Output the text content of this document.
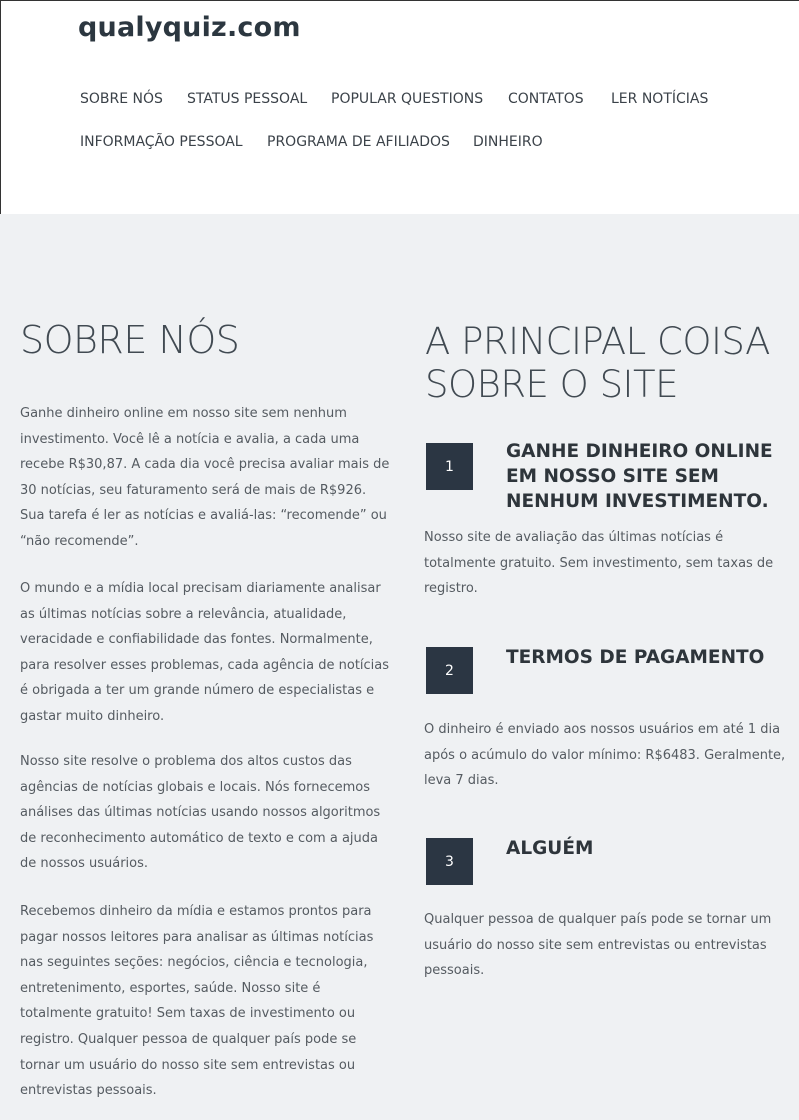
qualyquiz.com
SOBRE NÓS STATUS PESSOAL POPULAR QUESTIONS CONTATOS LER NOTÍCIAS
INFORMAÇÃO PESSOAL PROGRAMA DE AFILIADOS DINHEIRO
SOBRE NÓS

Ganhe dinheiro online em nosso site sem nenhum investimento. Você lê a notícia e avalia, a cada uma recebe R$30,87. A cada dia você precisa avaliar mais de 30 notícias, seu faturamento será de mais de R$926. Sua tarefa é ler as notícias e avaliá-las: “recomende” ou “não recomende”.

O mundo e a mídia local precisam diariamente analisar as últimas notícias sobre a relevância, atualidade, veracidade e confiabilidade das fontes. Normalmente, para resolver esses problemas, cada agência de notícias é obrigada a ter um grande número de especialistas e gastar muito dinheiro.

Nosso site resolve o problema dos altos custos das agências de notícias globais e locais. Nós fornecemos análises das últimas notícias usando nossos algoritmos de reconhecimento automático de texto e com a ajuda de nossos usuários.

Recebemos dinheiro da mídia e estamos prontos para pagar nossos leitores para analisar as últimas notícias nas seguintes seções: negócios, ciência e tecnologia, entretenimento, esportes, saúde. Nosso site é totalmente gratuito! Sem taxas de investimento ou registro. Qualquer pessoa de qualquer país pode se tornar um usuário do nosso site sem entrevistas ou entrevistas pessoais.

A PRINCIPAL COISA SOBRE O SITE
1
GANHE DINHEIRO ONLINE EM NOSSO SITE SEM NENHUM INVESTIMENTO.

Nosso site de avaliação das últimas notícias é totalmente gratuito. Sem investimento, sem taxas de registro.

2
TERMOS DE PAGAMENTO

O dinheiro é enviado aos nossos usuários em até 1 dia após o acúmulo do valor mínimo: R$6483. Geralmente, leva 7 dias.

3
ALGUÉM

Qualquer pessoa de qualquer país pode se tornar um usuário do nosso site sem entrevistas ou entrevistas pessoais.
